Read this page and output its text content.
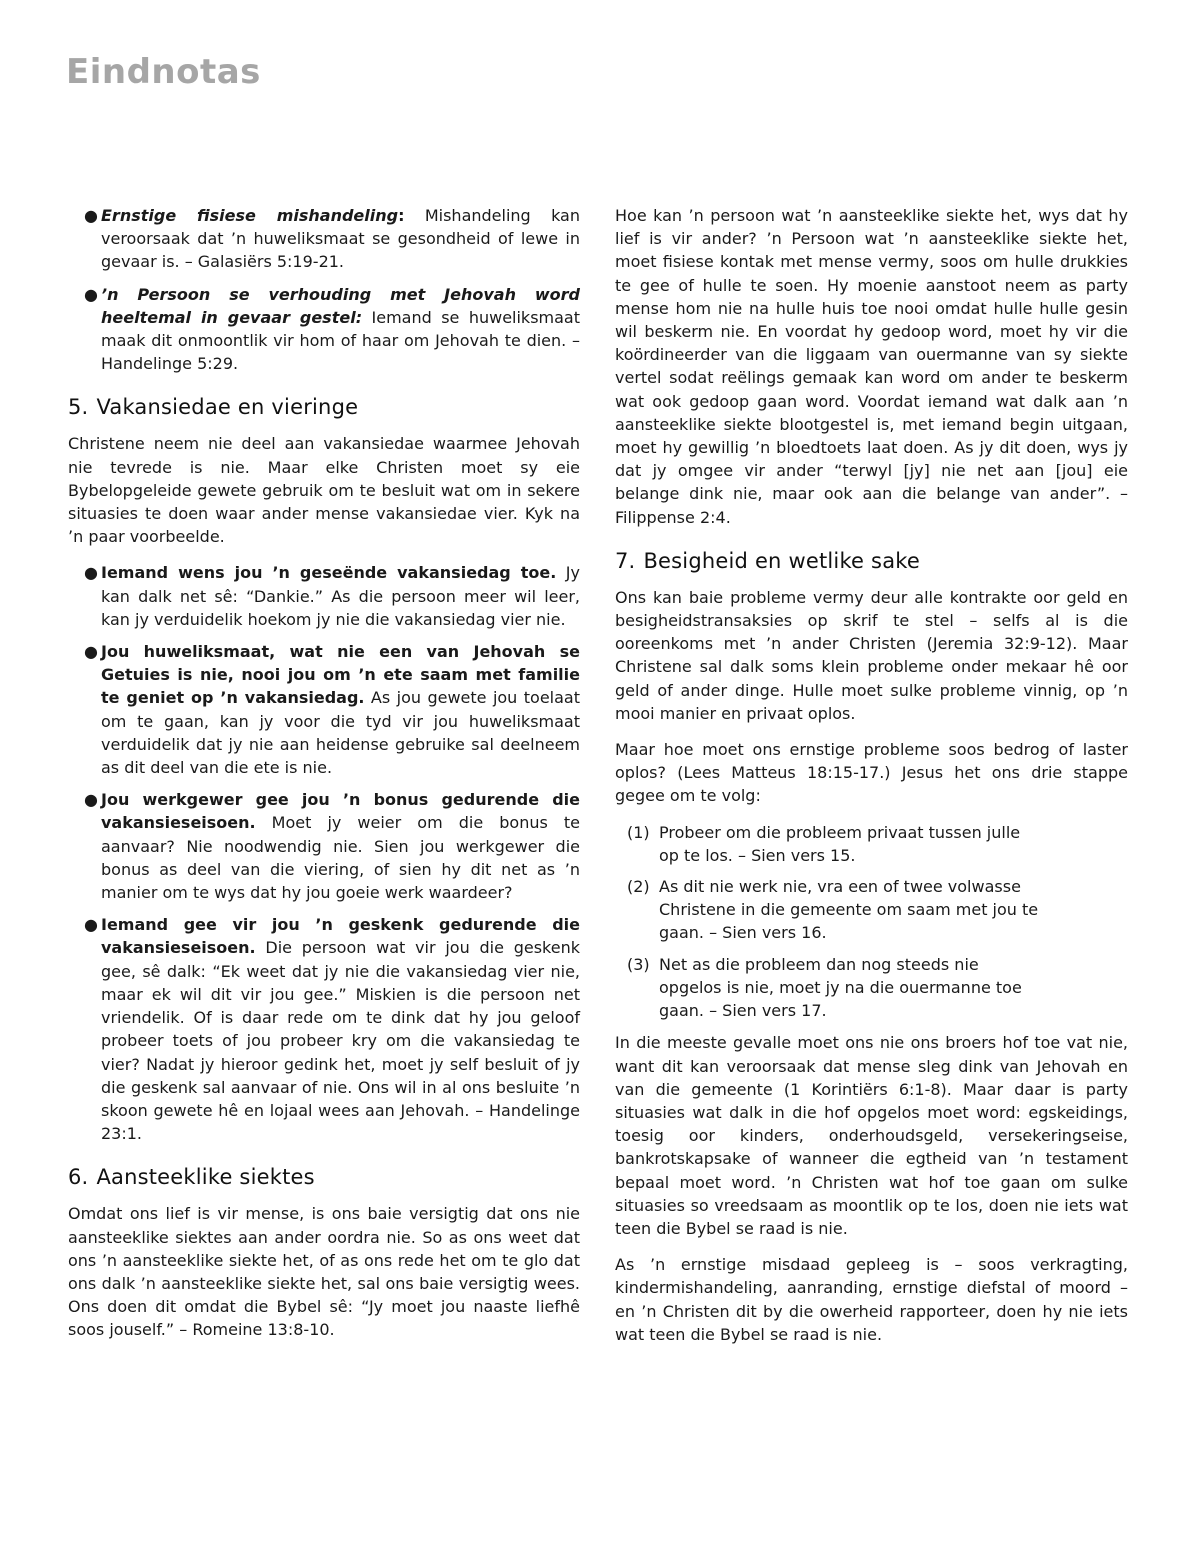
Eindnotas
● Ernstige fisiese mishandeling: Mishandeling kan veroorsaak dat ’n huweliksmaat se gesondheid of lewe in gevaar is. – Galasiërs 5:19-21.
● ’n Persoon se verhouding met Jehovah word heeltemal in gevaar gestel: Iemand se huweliksmaat maak dit onmoontlik vir hom of haar om Jehovah te dien. – Handelinge 5:29.
5. Vakansiedae en vieringe

Christene neem nie deel aan vakansiedae waarmee Jehovah nie tevrede is nie. Maar elke Christen moet sy eie Bybelopgeleide gewete gebruik om te besluit wat om in sekere situasies te doen waar ander mense vakansiedae vier. Kyk na ’n paar voorbeelde.

● Iemand wens jou ’n geseënde vakansiedag toe. Jy kan dalk net sê: “Dankie.” As die persoon meer wil leer, kan jy verduidelik hoekom jy nie die vakansiedag vier nie.
● Jou huweliksmaat, wat nie een van Jehovah se Getuies is nie, nooi jou om ’n ete saam met familie te geniet op ’n vakansiedag. As jou gewete jou toelaat om te gaan, kan jy voor die tyd vir jou huweliksmaat verduidelik dat jy nie aan heidense gebruike sal deelneem as dit deel van die ete is nie.
● Jou werkgewer gee jou ’n bonus gedurende die vakansieseisoen. Moet jy weier om die bonus te aanvaar? Nie noodwendig nie. Sien jou werkgewer die bonus as deel van die viering, of sien hy dit net as ’n manier om te wys dat hy jou goeie werk waardeer?
● Iemand gee vir jou ’n geskenk gedurende die vakansieseisoen. Die persoon wat vir jou die geskenk gee, sê dalk: “Ek weet dat jy nie die vakansiedag vier nie, maar ek wil dit vir jou gee.” Miskien is die persoon net vriendelik. Of is daar rede om te dink dat hy jou geloof probeer toets of jou probeer kry om die vakansiedag te vier? Nadat jy hieroor gedink het, moet jy self besluit of jy die geskenk sal aanvaar of nie. Ons wil in al ons besluite ’n skoon gewete hê en lojaal wees aan Jehovah. – Handelinge 23:1.
6. Aansteeklike siektes

Omdat ons lief is vir mense, is ons baie versigtig dat ons nie aansteeklike siektes aan ander oordra nie. So as ons weet dat ons ’n aansteeklike siekte het, of as ons rede het om te glo dat ons dalk ’n aansteeklike siekte het, sal ons baie versigtig wees. Ons doen dit omdat die Bybel sê: “Jy moet jou naaste liefhê soos jouself.” – Romeine 13:8-10.

Hoe kan ’n persoon wat ’n aansteeklike siekte het, wys dat hy lief is vir ander? ’n Persoon wat ’n aansteeklike siekte het, moet fisiese kontak met mense vermy, soos om hulle drukkies te gee of hulle te soen. Hy moenie aanstoot neem as party mense hom nie na hulle huis toe nooi omdat hulle hulle gesin wil beskerm nie. En voordat hy gedoop word, moet hy vir die koördineerder van die liggaam van ouermanne van sy siekte vertel sodat reëlings gemaak kan word om ander te beskerm wat ook gedoop gaan word. Voordat iemand wat dalk aan ’n aansteeklike siekte blootgestel is, met iemand begin uitgaan, moet hy gewillig ’n bloedtoets laat doen. As jy dit doen, wys jy dat jy omgee vir ander “terwyl [jy] nie net aan [jou] eie belange dink nie, maar ook aan die belange van ander”. – Filippense 2:4.

7. Besigheid en wetlike sake

Ons kan baie probleme vermy deur alle kontrakte oor geld en besigheidstransaksies op skrif te stel – selfs al is die ooreenkoms met ’n ander Christen (Jeremia 32:9-12). Maar Christene sal dalk soms klein probleme onder mekaar hê oor geld of ander dinge. Hulle moet sulke probleme vinnig, op ’n mooi manier en privaat oplos.

Maar hoe moet ons ernstige probleme soos bedrog of laster oplos? (Lees Matteus 18:15-17.) Jesus het ons drie stappe gegee om te volg:

(1) Probeer om die probleem privaat tussen julle op te los. – Sien vers 15.
(2) As dit nie werk nie, vra een of twee volwasse Christene in die gemeente om saam met jou te gaan. – Sien vers 16.
(3) Net as die probleem dan nog steeds nie opgelos is nie, moet jy na die ouermanne toe gaan. – Sien vers 17.

In die meeste gevalle moet ons nie ons broers hof toe vat nie, want dit kan veroorsaak dat mense sleg dink van Jehovah en van die gemeente (1 Korintiërs 6:1-8). Maar daar is party situasies wat dalk in die hof opgelos moet word: egskeidings, toesig oor kinders, onderhoudsgeld, versekeringseise, bankrotskapsake of wanneer die egtheid van ’n testament bepaal moet word. ’n Christen wat hof toe gaan om sulke situasies so vreedsaam as moontlik op te los, doen nie iets wat teen die Bybel se raad is nie.

As ’n ernstige misdaad gepleeg is – soos verkragting, kindermishandeling, aanranding, ernstige diefstal of moord – en ’n Christen dit by die owerheid rapporteer, doen hy nie iets wat teen die Bybel se raad is nie.
